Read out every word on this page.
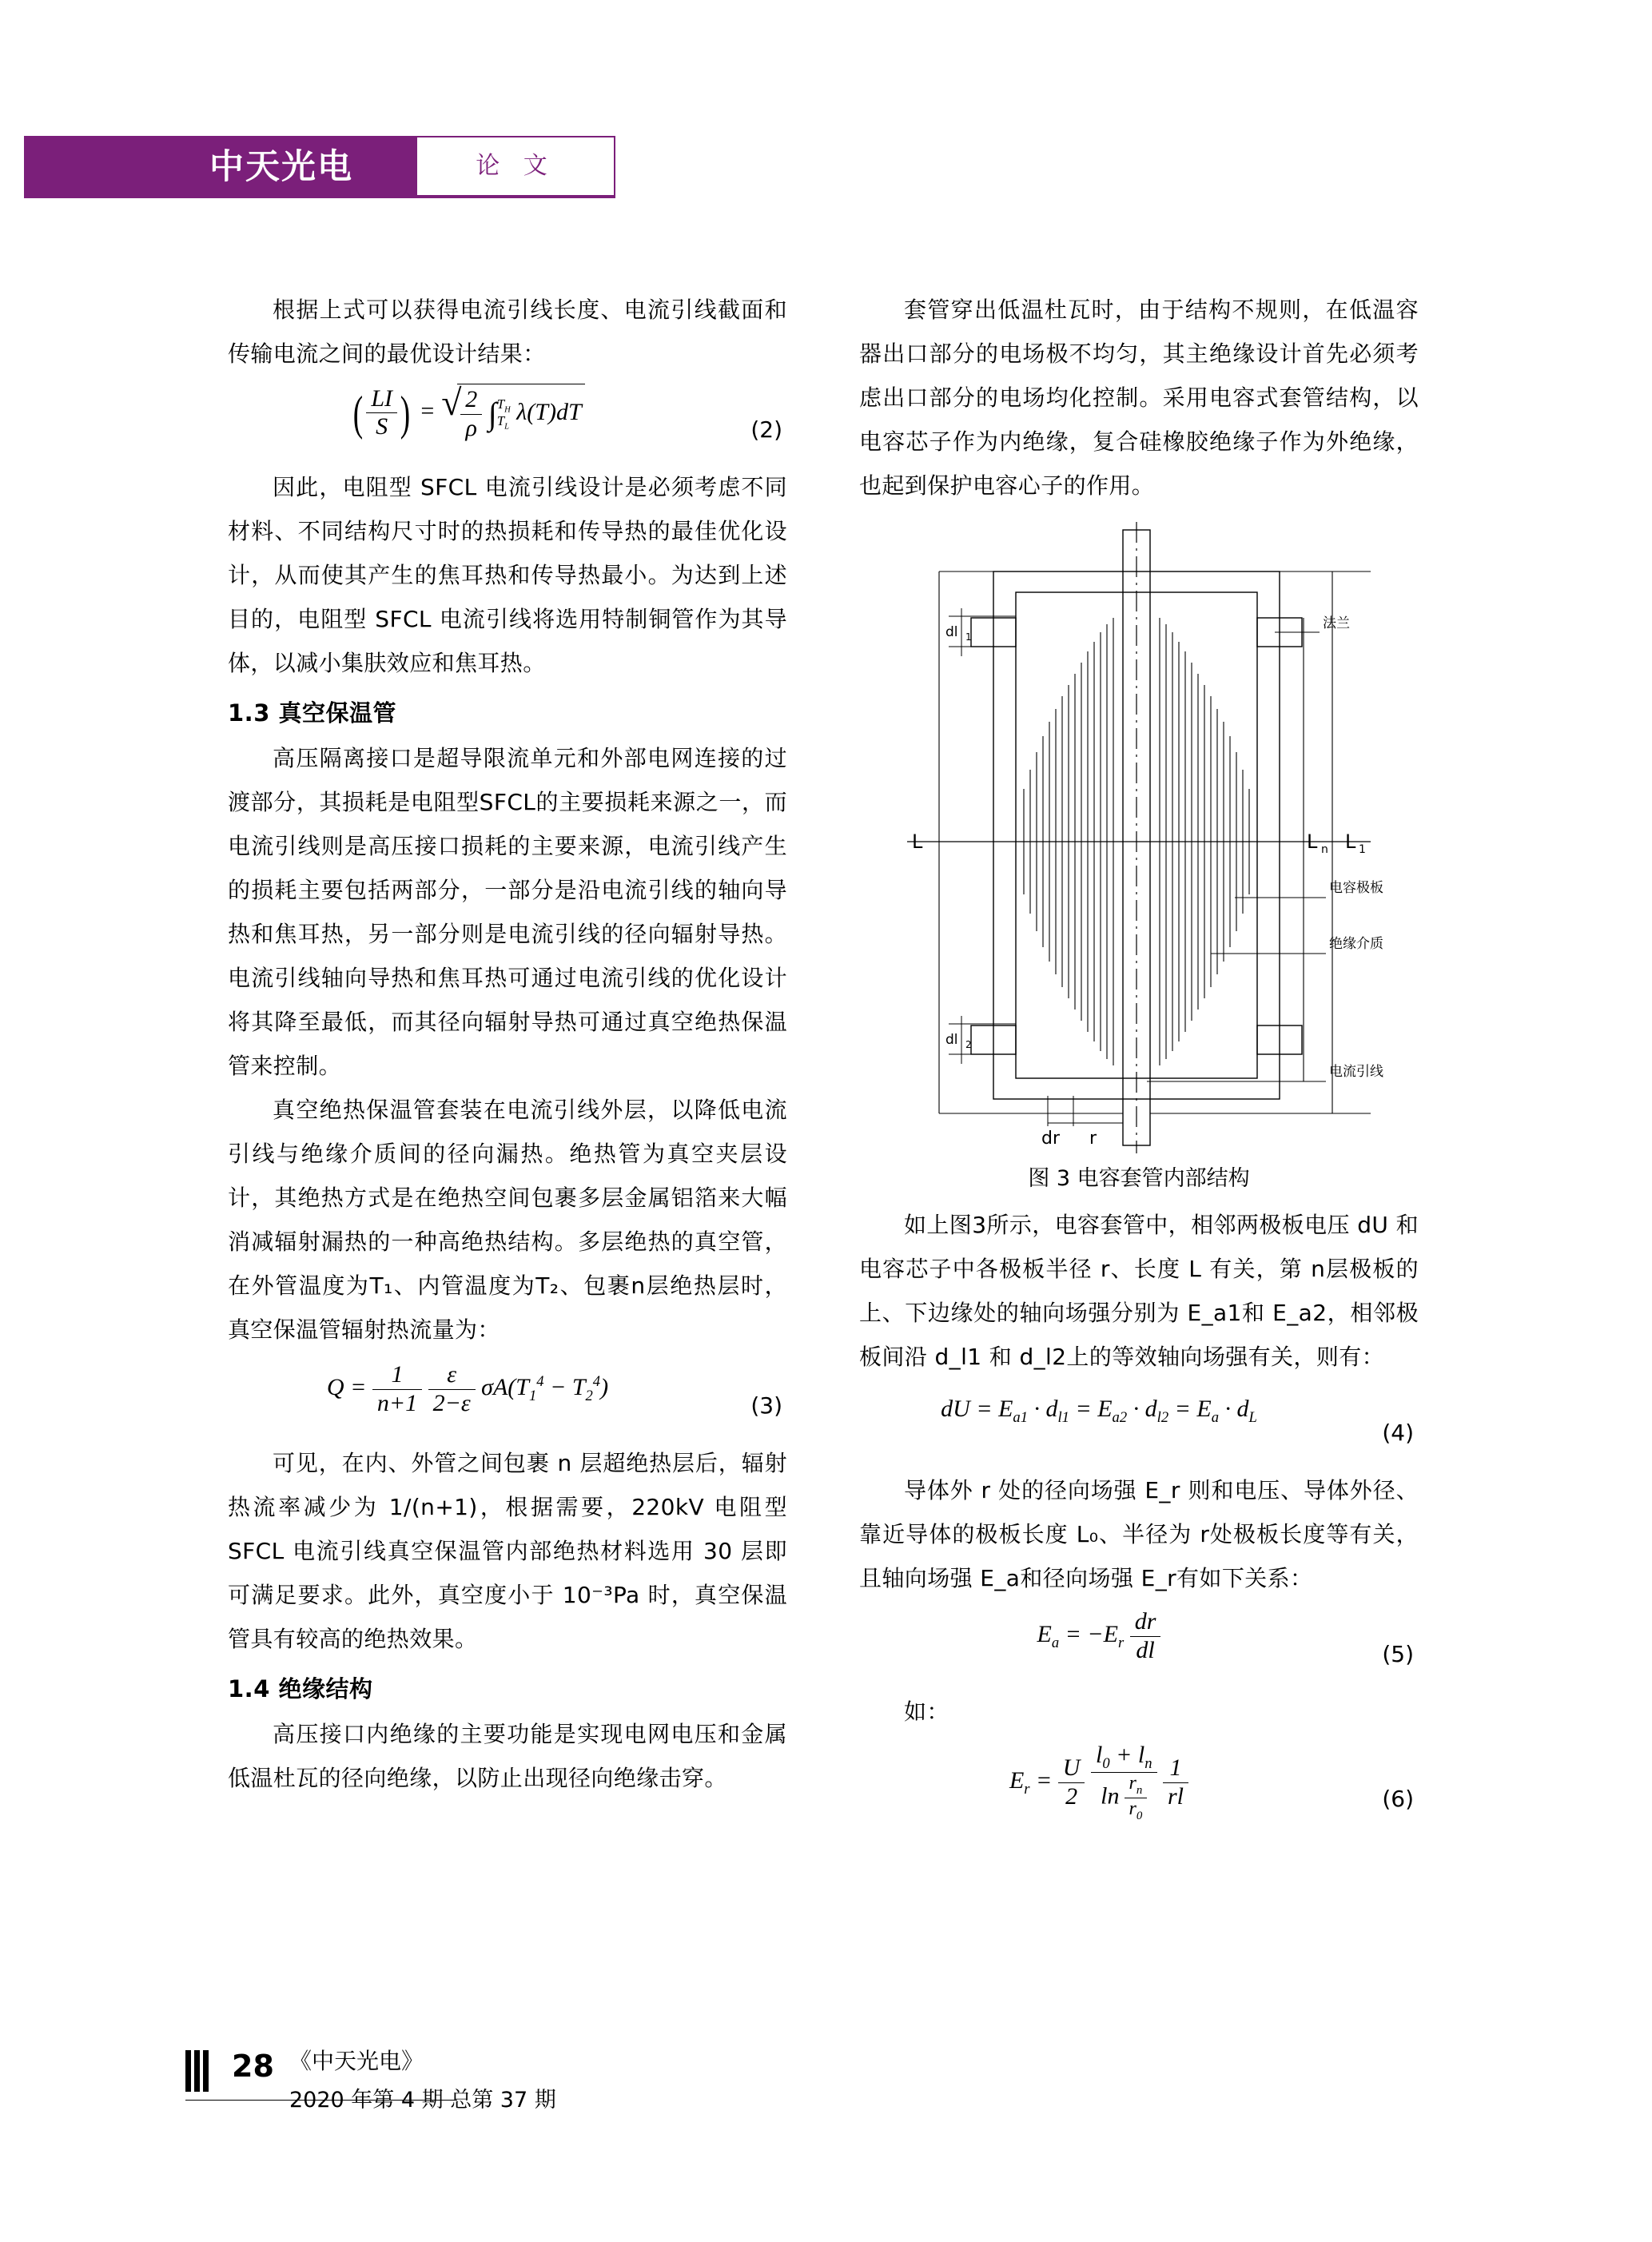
中天光电	论 文

根据上式可以获得电流引线长度、电流引线截面和传输电流之间的最优设计结果：

( $\frac{LI}{S}$ ) = √ $\frac{2}{\rho}$ ∫ $T_H$
$T_L$
λ(T)dT
(2)

因此，电阻型 SFCL 电流引线设计是必须考虑不同材料、不同结构尺寸时的热损耗和传导热的最佳优化设计，从而使其产生的焦耳热和传导热最小。为达到上述目的，电阻型 SFCL 电流引线将选用特制铜管作为其导体，以减小集肤效应和焦耳热。

1.3 真空保温管

高压隔离接口是超导限流单元和外部电网连接的过渡部分，其损耗是电阻型SFCL的主要损耗来源之一，而电流引线则是高压接口损耗的主要来源，电流引线产生的损耗主要包括两部分，一部分是沿电流引线的轴向导热和焦耳热，另一部分则是电流引线的径向辐射导热。电流引线轴向导热和焦耳热可通过电流引线的优化设计将其降至最低，而其径向辐射导热可通过真空绝热保温管来控制。

真空绝热保温管套装在电流引线外层，以降低电流引线与绝缘介质间的径向漏热。绝热管为真空夹层设计，其绝热方式是在绝热空间包裹多层金属铝箔来大幅消减辐射漏热的一种高绝热结构。多层绝热的真空管，在外管温度为T₁、内管温度为T₂、包裹n层绝热层时，真空保温管辐射热流量为：

$Q = \frac{1}{n+1}$
$\frac{\varepsilon}{2-\varepsilon} \sigma A(T_1^4 - T_2^4)$
(3)

可见，在内、外管之间包裹 n 层超绝热层后，辐射热流率减少为 1/(n+1)，根据需要，220kV 电阻型 SFCL 电流引线真空保温管内部绝热材料选用 30 层即可满足要求。此外，真空度小于 10⁻³Pa 时，真空保温管具有较高的绝热效果。

1.4 绝缘结构

高压接口内绝缘的主要功能是实现电网电压和金属低温杜瓦的径向绝缘，以防止出现径向绝缘击穿。

套管穿出低温杜瓦时，由于结构不规则，在低温容器出口部分的电场极不均匀，其主绝缘设计首先必须考虑出口部分的电场均化控制。采用电容式套管结构，以电容芯子作为内绝缘，复合硅橡胶绝缘子作为外绝缘，也起到保护电容心子的作用。

dl 1
dl 2
L	L n L 1
法兰
电容极板
绝缘介质
电流引线
dr r
图 3 电容套管内部结构

如上图3所示，电容套管中，相邻两极板电压 dU 和电容芯子中各极板半径 r、长度 L 有关，第 n层极板的上、下边缘处的轴向场强分别为 E_a1和 E_a2，相邻极板间沿 d_l1 和 d_l2上的等效轴向场强有关，则有：

dU = $E_{a1} \cdot d_{l1} = E_{a2} \cdot d_{l2} = E_a \cdot d_L$
(4)

导体外 r 处的径向场强 E_r 则和电压、导体外径、靠近导体的极板长度 L₀、半径为 r处极板长度等有关，且轴向场强 E_a和径向场强 E_r有如下关系：

$E_a = -E_r \frac{dr}{dl}$	(5)

如：

$E_r = \frac{U}{2}$
$\frac{l_0 + l_n}{\ln \frac{r_n}{r_0}}$
$\frac{1}{rl}$	(6)
28 《中天光电》
2020 年第 4 期 总第 37 期
